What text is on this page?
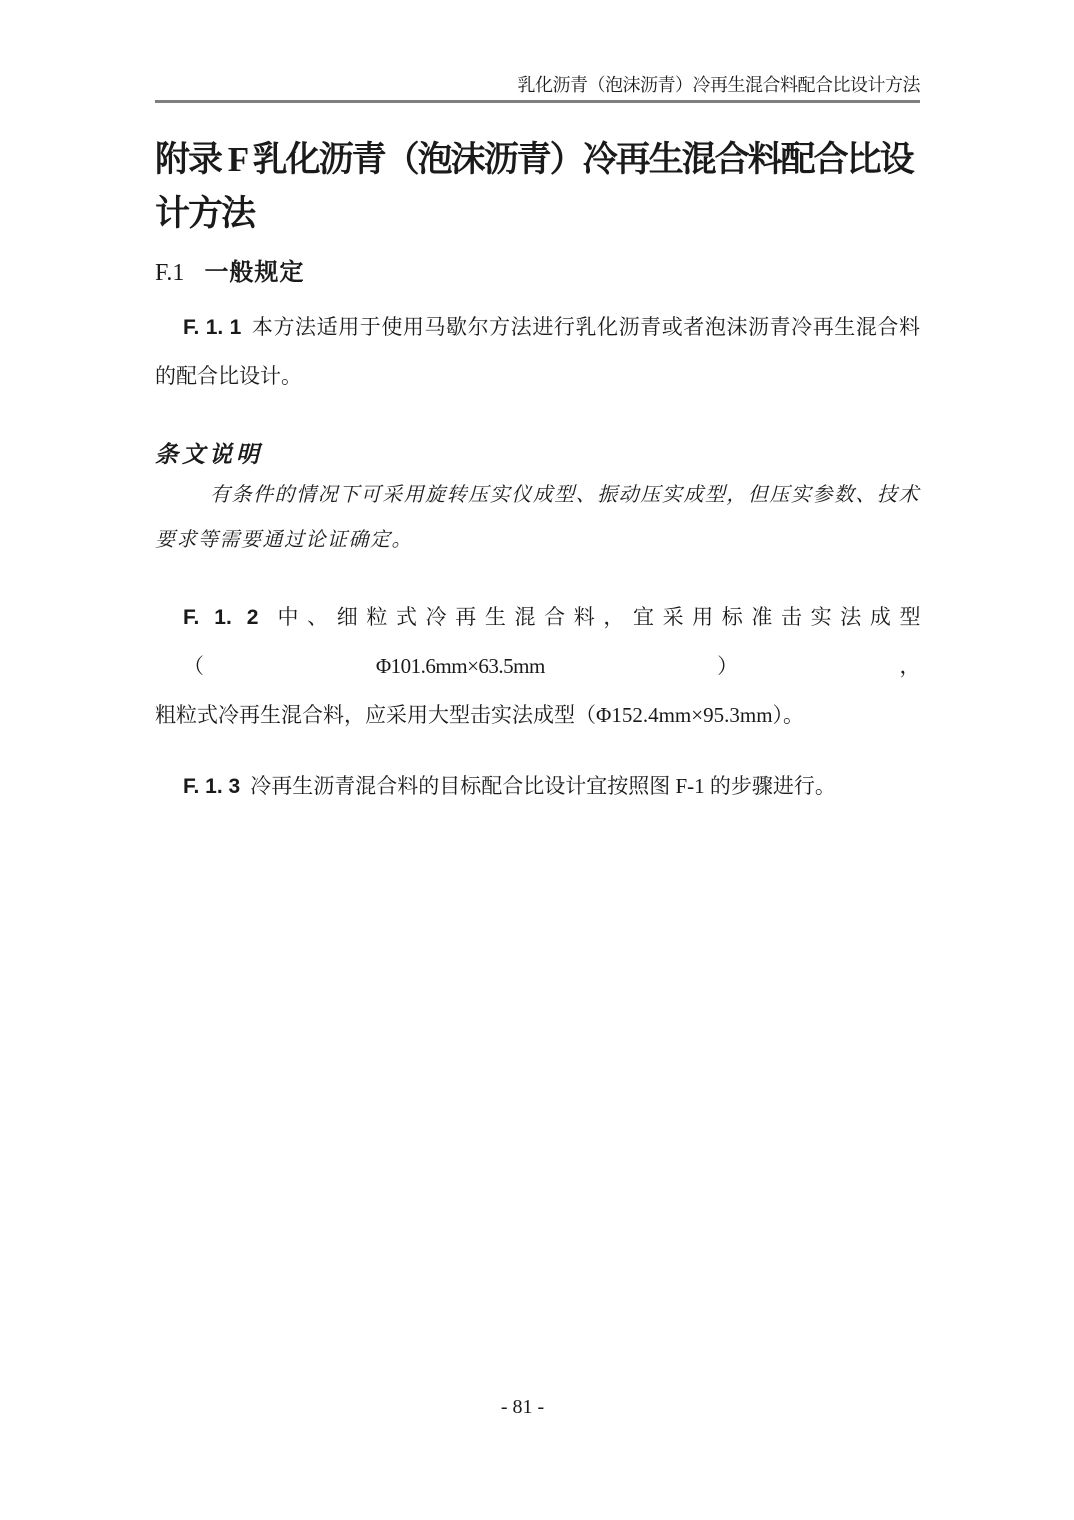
乳化沥青（泡沫沥青）冷再生混合料配合比设计方法
附录 F 乳化沥青（泡沫沥青）冷再生混合料配合比设
计方法
F.1 一般规定
F. 1. 1 本方法适用于使用马歇尔方法进行乳化沥青或者泡沫沥青冷再生混合料
的配合比设计。
条文说明
有条件的情况下可采用旋转压实仪成型、振动压实成型，但压实参数、技术
要求等需要通过论证确定。
F. 1. 2 中、细粒式冷再生混合料，宜采用标准击实法成型（Φ101.6mm×63.5mm），
粗粒式冷再生混合料，应采用大型击实法成型（Φ152.4mm×95.3mm）。
F. 1. 3 冷再生沥青混合料的目标配合比设计宜按照图 F-1 的步骤进行。
- 81 -
